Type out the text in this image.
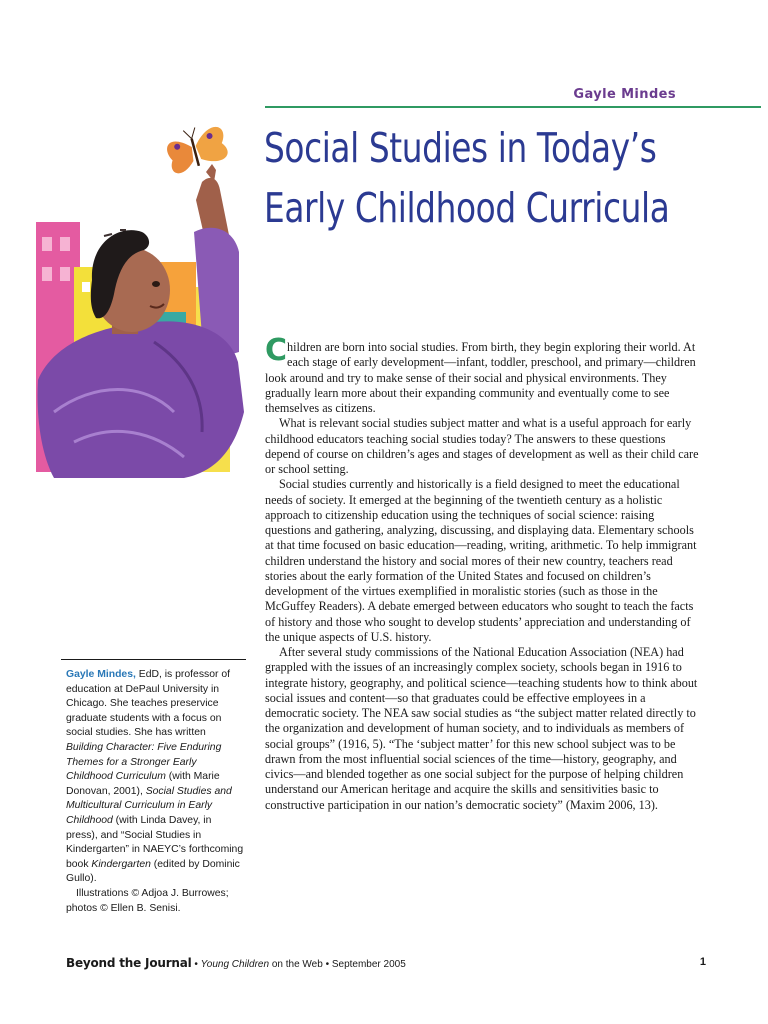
Gayle Mindes
Social Studies in Today’s
Early Childhood Curricula

Children are born into social studies. From birth, they begin exploring their world. At each stage of early development—infant, toddler, preschool, and primary—children look around and try to make sense of their social and physical environments. They gradually learn more about their expanding community and eventually come to see themselves as citizens.

What is relevant social studies subject matter and what is a useful approach for early childhood educators teaching social studies today? The answers to these questions depend of course on children’s ages and stages of development as well as their child care or school setting.

Social studies currently and historically is a field designed to meet the educational needs of society. It emerged at the beginning of the twentieth century as a holistic approach to citizenship education using the techniques of social science: raising questions and gathering, analyzing, discussing, and displaying data. Elementary schools at that time focused on basic education—reading, writing, arithmetic. To help immigrant children understand the history and social mores of their new country, teachers read stories about the early formation of the United States and focused on children’s development of the virtues exemplified in moralistic stories (such as those in the McGuffey Readers). A debate emerged between educators who sought to teach the facts of history and those who sought to develop students’ appreciation and understanding of the unique aspects of U.S. history.

After several study commissions of the National Education Association (NEA) had grappled with the issues of an increasingly complex society, schools began in 1916 to integrate history, geography, and political science—teaching students how to think about social issues and content—so that graduates could be effective employees in a democratic society. The NEA saw social studies as “the subject matter related directly to the organization and development of human society, and to individuals as members of social groups” (1916, 5). “The ‘subject matter’ for this new school subject was to be drawn from the most influential social sciences of the time—history, geography, and civics—and blended together as one social subject for the purpose of helping children understand our American heritage and acquire the skills and sensitivities basic to constructive participation in our nation’s democratic society” (Maxim 2006, 13).

Gayle Mindes, EdD, is professor of education at DePaul University in Chicago. She teaches preservice graduate students with a focus on social studies. She has written Building Character: Five Enduring Themes for a Stronger Early Childhood Curriculum (with Marie Donovan, 2001), Social Studies and Multicultural Curriculum in Early Childhood (with Linda Davey, in press), and “Social Studies in Kindergarten” in NAEYC’s forthcoming book Kindergarten (edited by Dominic Gullo).

Illustrations © Adjoa J. Burrowes; photos © Ellen B. Senisi.

Beyond the Journal • Young Children on the Web • September 2005	1
